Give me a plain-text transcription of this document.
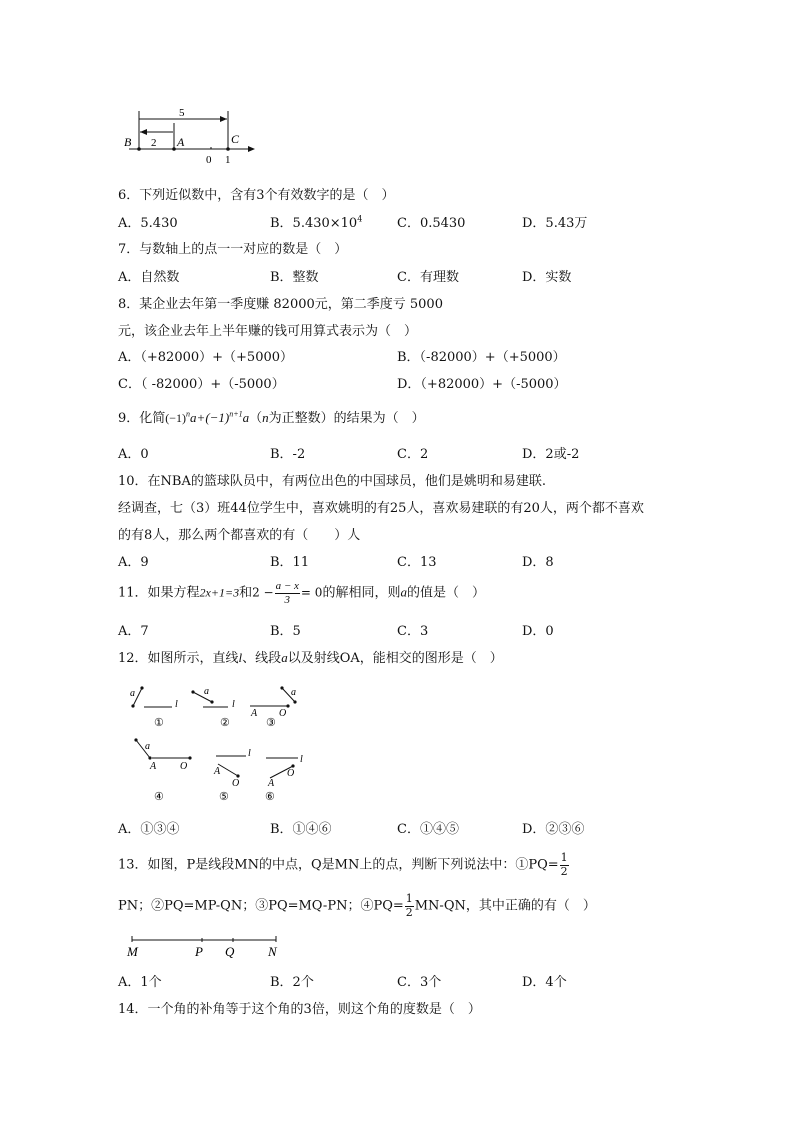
5
2
B	A	C
0 1
6．下列近似数中，含有3个有效数字的是（　）
A．5.430	B．$5.430\times 10^4$	C．0.5430	D．5.43万
7．与数轴上的点一一对应的数是（　）
A．自然数	B．整数	C．有理数	D．实数
8．某企业去年第一季度赚 82000元，第二季度亏 5000
元，该企业去年上半年赚的钱可用算式表示为（　）
A．（+82000）+（+5000）	B．（-82000）+（+5000）
C．（ -82000）+（-5000）	D．（+82000）+（-5000）
9．化简$(-1)^na+(-1)^{n+1}a(n$为正整数）的结果为（　）
A．0	B．-2	C．2	D．2或-2
10．在NBA的篮球队员中，有两位出色的中国球员，他们是姚明和易建联.
经调查，七（3）班44位学生中，喜欢姚明的有25人，喜欢易建联的有20人，两个都不喜欢
的有8人，那么两个都喜欢的有（　　）人
A．9	B．11	C．13	D．8
11．如果方程2x+1=3和$2 - \frac{a - x}{3} = 0$的解相同，则a的值是（　）
A．7	B．5	C．3	D．0
12．如图所示，直线l、线段a以及射线OA，能相交的图形是（　）
a
l
①
a
l
②
A O
a
③
a
A O
④
l
A
O
⑤
l
A
O
⑥
A．①③④	B．①④⑥	C．①④⑤	D．②③⑥
13．如图，P是线段MN的中点，Q是MN上的点，判断下列说法中：①PQ= $\frac{1}{2}$
PN；②PQ=MP-QN；③PQ=MQ-PN；④PQ= $\frac{1}{2} MN-QN$，其中正确的有（　）
M	P Q	N
A．1个	B．2个	C．3个	D．4个
14．一个角的补角等于这个角的3倍，则这个角的度数是（　）
